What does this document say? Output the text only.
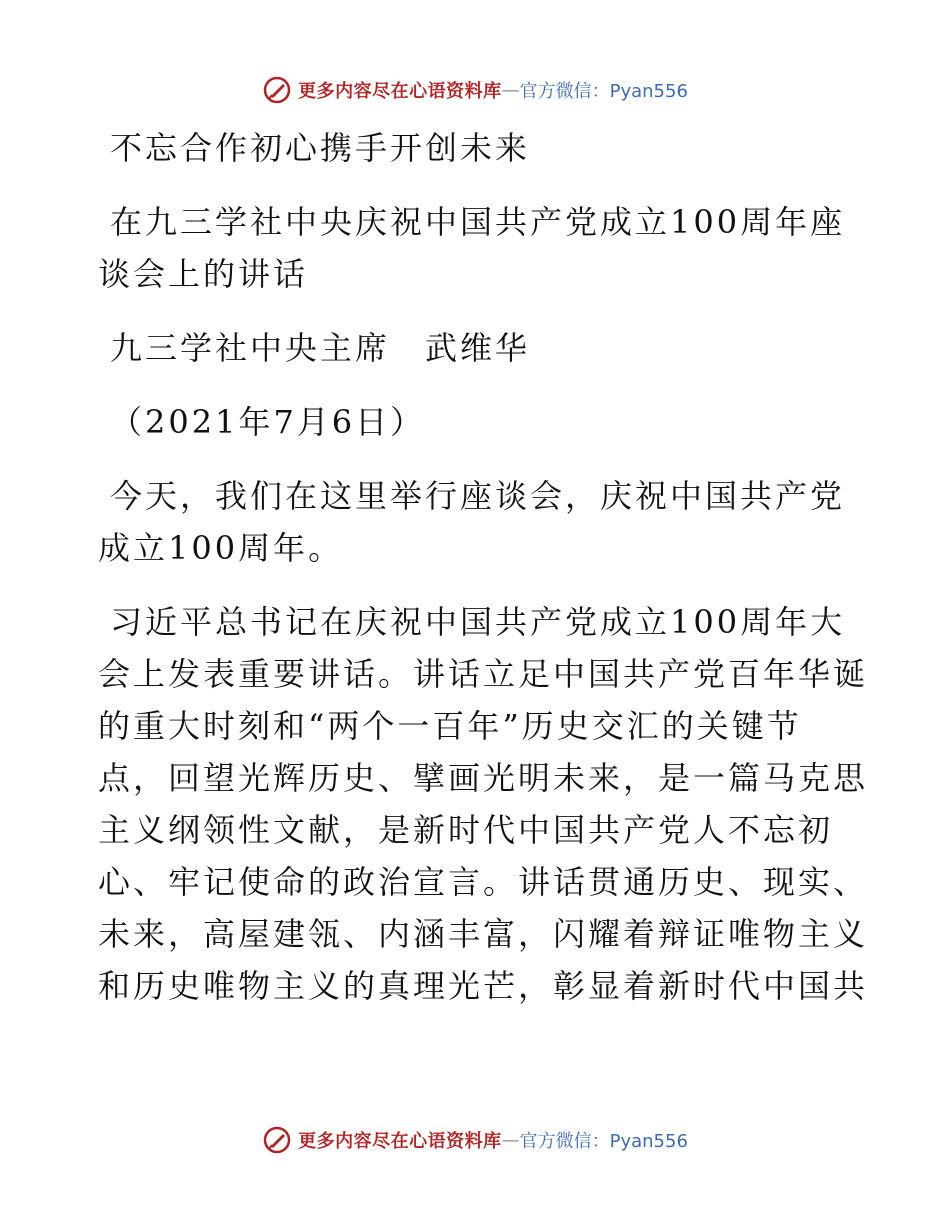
更多内容尽在心语资料库 — 官方微信：Pyan556
不忘合作初心携手开创未来
在九三学社中央庆祝中国共产党成立100周年座
谈会上的讲话
九三学社中央主席　武维华
（2021年7月6日）
今天，我们在这里举行座谈会，庆祝中国共产党
成立100周年。
习近平总书记在庆祝中国共产党成立100周年大
会上发表重要讲话。讲话立足中国共产党百年华诞
的重大时刻和“两个一百年”历史交汇的关键节
点，回望光辉历史、擘画光明未来，是一篇马克思
主义纲领性文献，是新时代中国共产党人不忘初
心、牢记使命的政治宣言。讲话贯通历史、现实、
未来，高屋建瓴、内涵丰富，闪耀着辩证唯物主义
和历史唯物主义的真理光芒，彰显着新时代中国共
更多内容尽在心语资料库 — 官方微信：Pyan556
